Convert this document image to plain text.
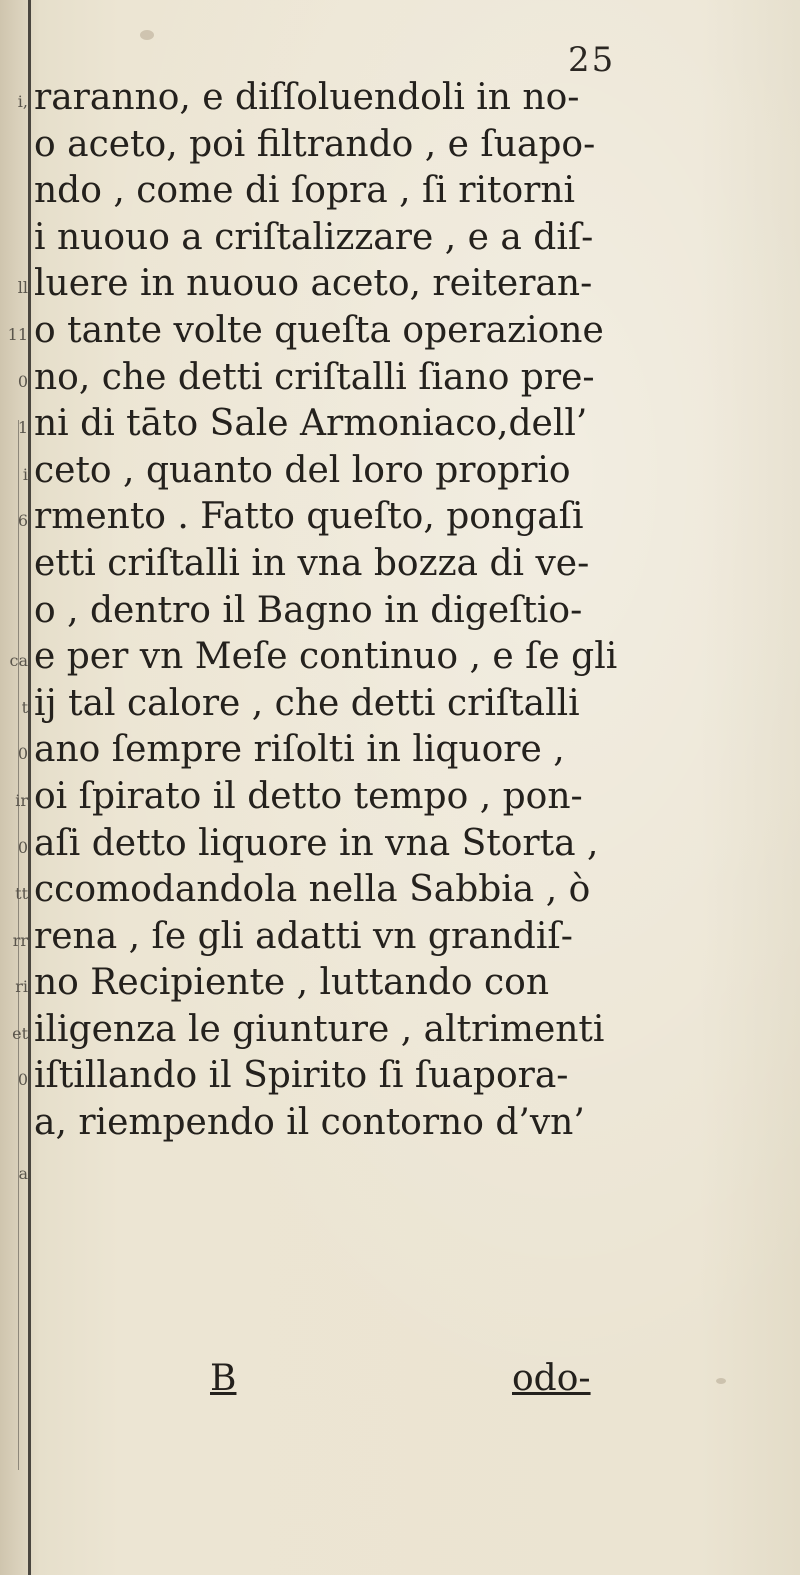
i,
ll
11
0
1
i
6
ca
t
0
ir
0
tt
rr
ri
et
0
a
25
raranno, e diſſoluendoli in no-
o aceto, poi filtrando , e ſuapo-
ndo , come di ſopra , ſi ritorni
i nuouo a criſtalizzare , e a diſ-
luere in nuouo aceto, reiteran-
o tante volte queſta operazione
no, che detti criſtalli ſiano pre-
ni di tāto Sale Armoniaco,dell’
ceto , quanto del loro proprio
rmento . Fatto queſto, pongaſi
etti criſtalli in vna bozza di ve-
o , dentro il Bagno in digeſtio-
e per vn Meſe continuo , e ſe gli
ij tal calore , che detti criſtalli
ano ſempre riſolti in liquore ,
oi ſpirato il detto tempo , pon-
aſi detto liquore in vna Storta ,
ccomodandola nella Sabbia , ò
rena , ſe gli adatti vn grandiſ-
no Recipiente , luttando con
iligenza le giunture , altrimenti
iſtillando il Spirito ſi ſuapora-
a, riempendo il contorno d’vn’
B	odo-
